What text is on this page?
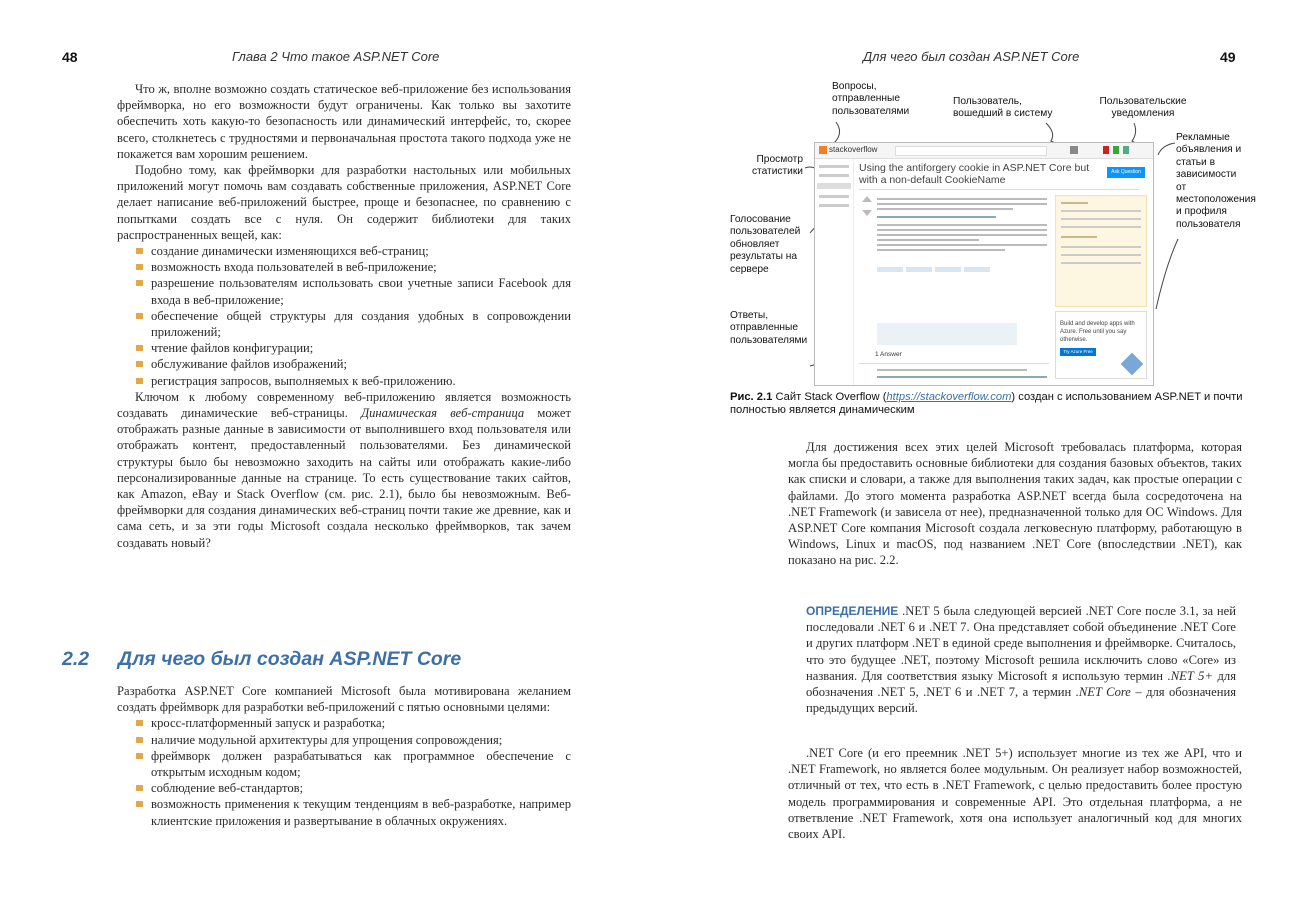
48	Глава 2 Что такое ASP.NET Core

Что ж, вполне возможно создать статическое веб-приложение без использования фреймворка, но его возможности будут ограничены. Как только вы захотите обеспечить хоть какую-то безопасность или динамический интерфейс, то, скорее всего, столкнетесь с трудностями и первоначальная простота такого подхода уже не покажется вам хорошим решением.

Подобно тому, как фреймворки для разработки настольных или мобильных приложений могут помочь вам создавать собственные приложения, ASP.NET Core делает написание веб-приложений быстрее, проще и безопаснее, по сравнению с попытками создать все с нуля. Он содержит библиотеки для таких распространенных вещей, как:

создание динамически изменяющихся веб-страниц;
возможность входа пользователей в веб-приложение;
разрешение пользователям использовать свои учетные записи Facebook для входа в веб-приложение;
обеспечение общей структуры для создания удобных в сопровождении приложений;
чтение файлов конфигурации;
обслуживание файлов изображений;
регистрация запросов, выполняемых к веб-приложению.

Ключом к любому современному веб-приложению является возможность создавать динамические веб-страницы. Динамическая веб-страница может отображать разные данные в зависимости от выполнившего вход пользователя или отображать контент, предоставленный пользователями. Без динамической структуры было бы невозможно заходить на сайты или отображать какие-либо персонализированные данные на странице. То есть существование таких сайтов, как Amazon, eBay и Stack Overflow (см. рис. 2.1), было бы невозможным. Веб-фреймворки для создания динамических веб-страниц почти такие же древние, как и сама сеть, и за эти годы Microsoft создала несколько фреймворков, так зачем создавать новый?

2.2 Для чего был создан ASP.NET Core

Разработка ASP.NET Core компанией Microsoft была мотивирована желанием создать фреймворк для разработки веб-приложений с пятью основными целями:

кросс-платформенный запуск и разработка;
наличие модульной архитектуры для упрощения сопровождения;
фреймворк должен разрабатываться как программное обеспечение с открытым исходным кодом;
соблюдение веб-стандартов;
возможность применения к текущим тенденциям в веб-разработке, например клиентские приложения и развертывание в облачных окружениях.
Для чего был создан ASP.NET Core	49
Вопросы, отправленные пользователями
Пользователь, вошедший в систему
Пользовательские уведомления
Рекламные объявления и статьи в зависимости от местоположения и профиля пользователя
Просмотр статистики
Голосование пользователей обновляет результаты на сервере
Ответы, отправленные пользователями
stackoverflow
Using the antiforgery cookie in ASP.NET Core but with a non-default CookieName
Ask Question
Build and develop apps with Azure. Free until you say otherwise.
Try Azure Free
1 Answer
Рис. 2.1 Сайт Stack Overflow (https://stackoverflow.com) создан с использованием ASP.NET и почти полностью является динамическим

Для достижения всех этих целей Microsoft требовалась платформа, которая могла бы предоставить основные библиотеки для создания базовых объектов, таких как списки и словари, а также для выполнения таких задач, как простые операции с файлами. До этого момента разработка ASP.NET всегда была сосредоточена на .NET Framework (и зависела от нее), предназначенной только для ОС Windows. Для ASP.NET Core компания Microsoft создала легковесную платформу, работающую в Windows, Linux и macOS, под названием .NET Core (впоследствии .NET), как показано на рис. 2.2.

ОПРЕДЕЛЕНИЕ .NET 5 была следующей версией .NET Core после 3.1, за ней последовали .NET 6 и .NET 7. Она представляет собой объединение .NET Core и других платформ .NET в единой среде выполнения и фреймворке. Считалось, что это будущее .NET, поэтому Microsoft решила исключить слово «Core» из названия. Для соответствия языку Microsoft я использую термин .NET 5+ для обозначения .NET 5, .NET 6 и .NET 7, а термин .NET Core – для обозначения предыдущих версий.

.NET Core (и его преемник .NET 5+) использует многие из тех же API, что и .NET Framework, но является более модульным. Он реализует набор возможностей, отличный от тех, что есть в .NET Framework, с целью предоставить более простую модель программирования и современные API. Это отдельная платформа, а не ответвление .NET Framework, хотя она использует аналогичный код для многих своих API.
